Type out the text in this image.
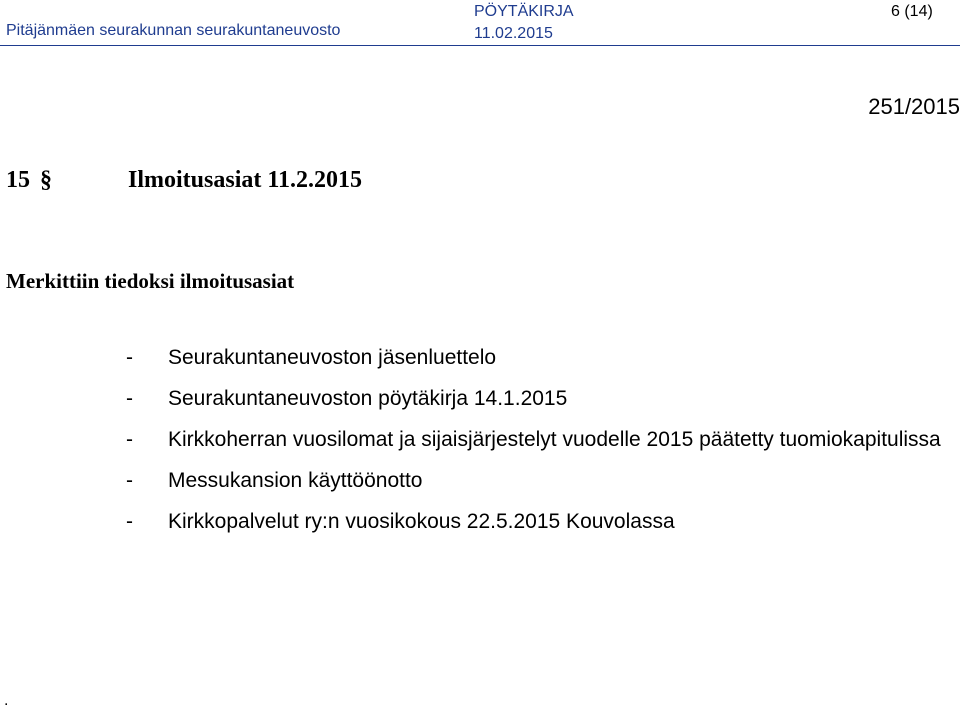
Pitäjänmäen seurakunnan seurakuntaneuvosto
PÖYTÄKIRJA
11.02.2015
6 (14)
251/2015
15 §	Ilmoitusasiat 11.2.2015
Merkittiin tiedoksi ilmoitusasiat
-	Seurakuntaneuvoston jäsenluettelo
-	Seurakuntaneuvoston pöytäkirja 14.1.2015
-	Kirkkoherran vuosilomat ja sijaisjärjestelyt vuodelle 2015 päätetty tuomiokapitulissa
-	Messukansion käyttöönotto
-	Kirkkopalvelut ry:n vuosikokous 22.5.2015 Kouvolassa
.
